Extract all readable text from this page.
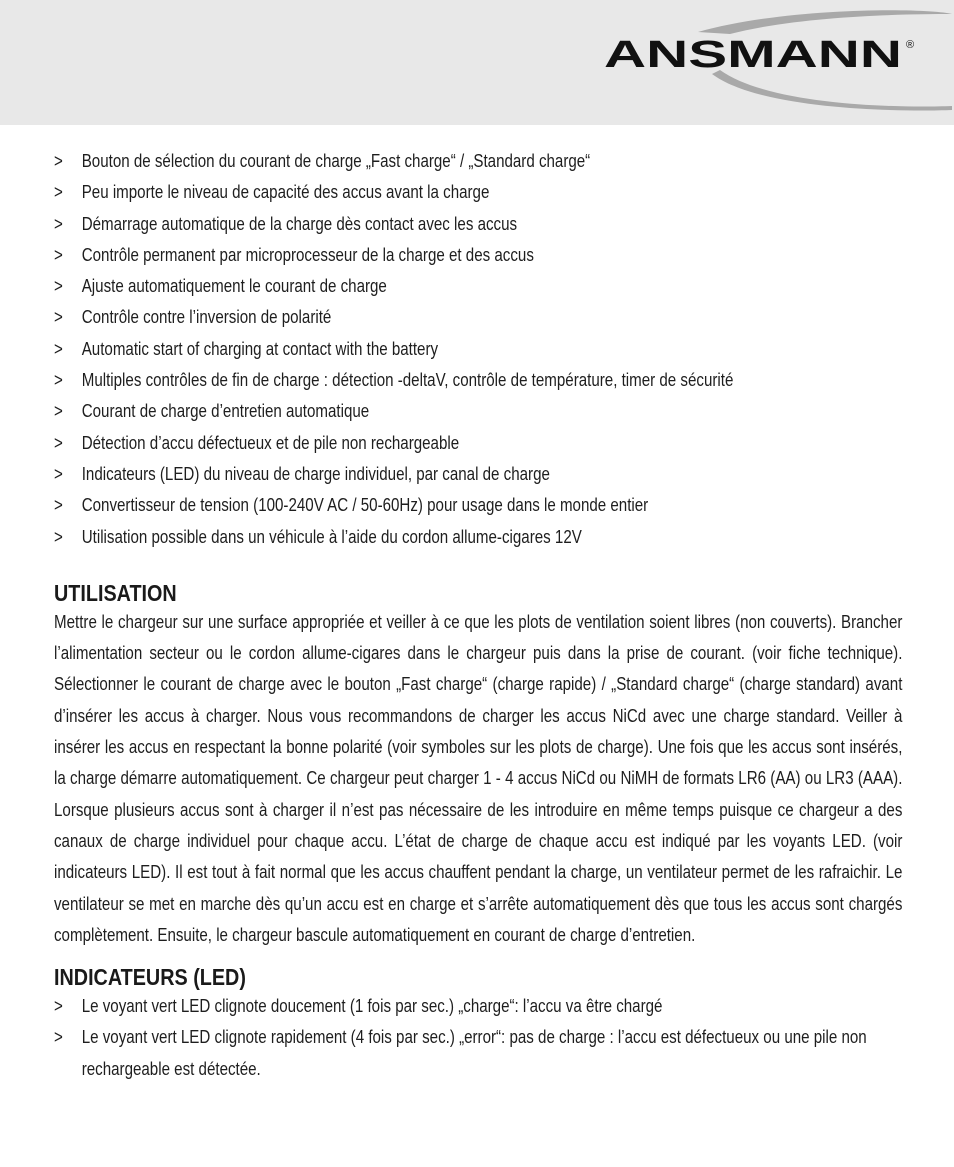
ANSMANN ®
> Bouton de sélection du courant de charge „Fast charge“ / „Standard charge“
> Peu importe le niveau de capacité des accus avant la charge
> Démarrage automatique de la charge dès contact avec les accus
> Contrôle permanent par microprocesseur de la charge et des accus
> Ajuste automatiquement le courant de charge
> Contrôle contre l’inversion de polarité
> Automatic start of charging at contact with the battery
> Multiples contrôles de fin de charge : détection -deltaV, contrôle de température, timer de sécurité
> Courant de charge d’entretien automatique
> Détection d’accu défectueux et de pile non rechargeable
> Indicateurs (LED) du niveau de charge individuel, par canal de charge
> Convertisseur de tension (100-240V AC / 50-60Hz) pour usage dans le monde entier
> Utilisation possible dans un véhicule à l’aide du cordon allume-cigares 12V
UTILISATION

Mettre le chargeur sur une surface appropriée et veiller à ce que les plots de ventilation soient libres (non couverts). Brancher l’alimentation secteur ou le cordon allume-cigares dans le chargeur puis dans la prise de courant. (voir fiche technique). Sélectionner le courant de charge avec le bouton „Fast charge“ (charge rapide) / „Standard charge“ (charge standard) avant d’insérer les accus à charger. Nous vous recommandons de charger les accus NiCd avec une charge standard. Veiller à insérer les accus en respectant la bonne polarité (voir symboles sur les plots de charge). Une fois que les accus sont insérés, la charge démarre automatiquement. Ce chargeur peut charger 1 - 4 accus NiCd ou NiMH de formats LR6 (AA) ou LR3 (AAA). Lorsque plusieurs accus sont à charger il n’est pas nécessaire de les introduire en même temps puisque ce chargeur a des canaux de charge individuel pour chaque accu. L’état de charge de chaque accu est indiqué par les voyants LED. (voir indicateurs LED). Il est tout à fait normal que les accus chauffent pendant la charge, un ventilateur permet de les rafraichir. Le ventilateur se met en marche dès qu’un accu est en charge et s’arrête automatiquement dès que tous les accus sont chargés complètement. Ensuite, le chargeur bascule automatiquement en courant de charge d’entretien.

INDICATEURS (LED)
> Le voyant vert LED clignote doucement (1 fois par sec.) „charge“: l’accu va être chargé
> Le voyant vert LED clignote rapidement (4 fois par sec.) „error“: pas de charge : l’accu est défectueux ou une pile non rechargeable est détectée.
